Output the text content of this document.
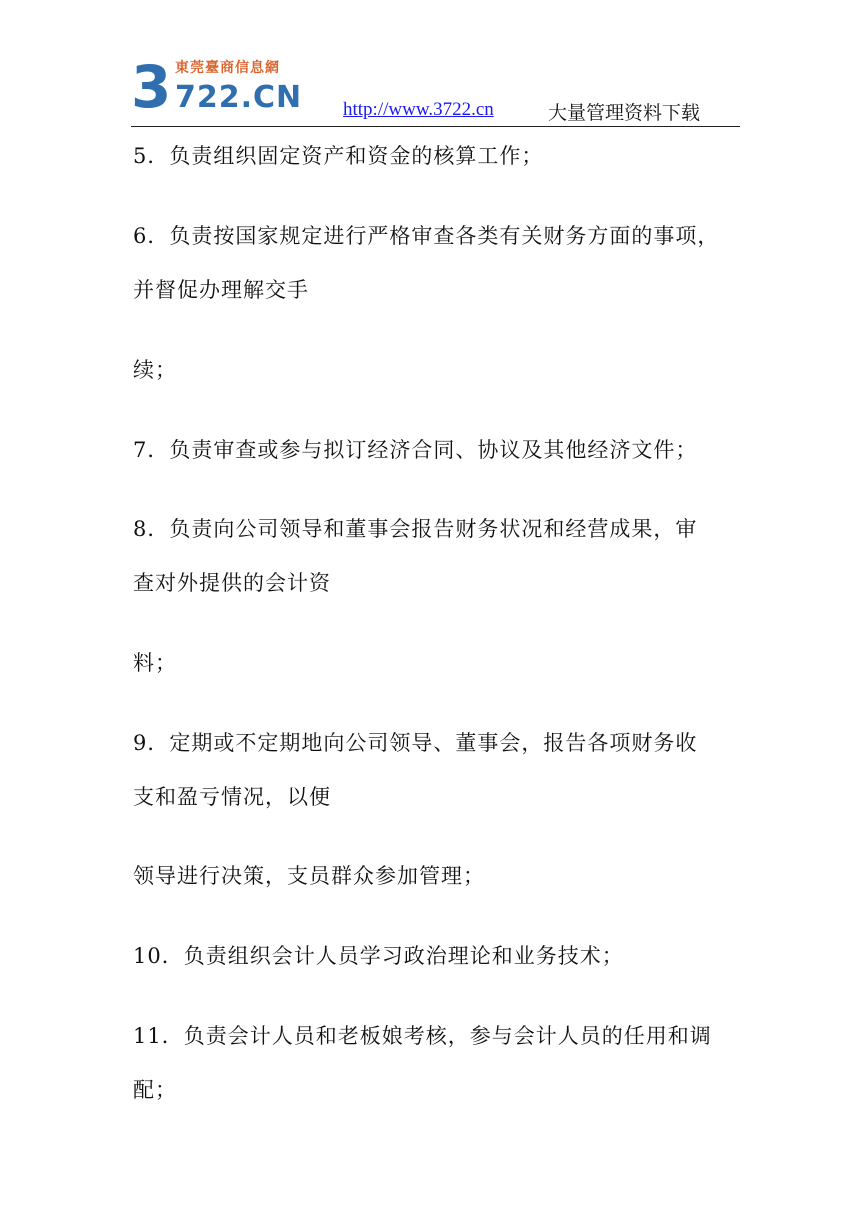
3 東莞臺商信息網
722.CN http://www.3722.cn	大量管理资料下载
5．负责组织固定资产和资金的核算工作；
6．负责按国家规定进行严格审查各类有关财务方面的事项，
并督促办理解交手
续；
7．负责审查或参与拟订经济合同、协议及其他经济文件；
8．负责向公司领导和董事会报告财务状况和经营成果，审
查对外提供的会计资
料；
9．定期或不定期地向公司领导、董事会，报告各项财务收
支和盈亏情况，以便
领导进行决策，支员群众参加管理；
10．负责组织会计人员学习政治理论和业务技术；
11．负责会计人员和老板娘考核，参与会计人员的任用和调
配；
